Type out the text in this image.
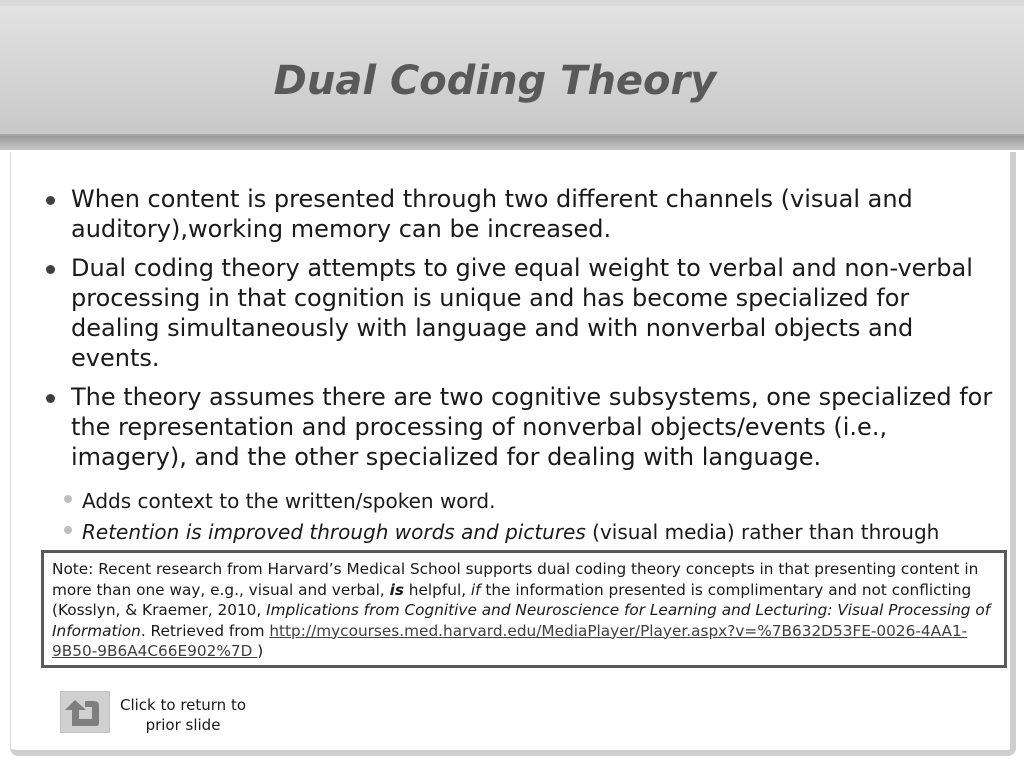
Dual Coding Theory
When content is presented through two different channels (visual and auditory),working memory can be increased.
Dual coding theory attempts to give equal weight to verbal and non-verbal processing in that cognition is unique and has become specialized for dealing simultaneously with language and with nonverbal objects and events.
The theory assumes there are two cognitive subsystems, one specialized for the representation and processing of nonverbal objects/events (i.e., imagery), and the other specialized for dealing with language.
Adds context to the written/spoken word.
Retention is improved through words and pictures (visual media) rather than through
Note: Recent research from Harvard’s Medical School supports dual coding theory concepts in that presenting content in more than one way, e.g., visual and verbal, is helpful, if the information presented is complimentary and not conflicting (Kosslyn, & Kraemer, 2010, Implications from Cognitive and Neuroscience for Learning and Lecturing: Visual Processing of Information. Retrieved from http://mycourses.med.harvard.edu/MediaPlayer/Player.aspx?v=%7B632D53FE-0026-4AA1-9B50-9B6A4C66E902%7D )
Click to return to prior slide
